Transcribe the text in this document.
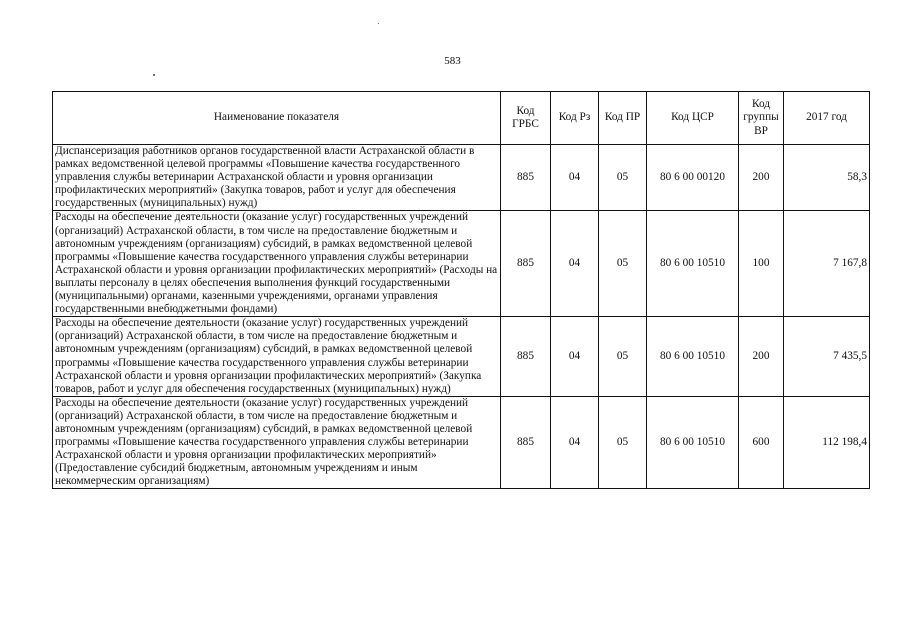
583
Наименование показателя	Код ГРБС	Код Рз	Код ПР	Код ЦСР	Код группы ВР	2017 год
Диспансеризация работников органов государственной власти Астраханской области в рамках ведомственной целевой программы «Повышение качества государственного управления службы ветеринарии Астраханской области и уровня организации профилактических мероприятий» (Закупка товаров, работ и услуг для обеспечения государственных (муниципальных) нужд)	885	04	05	80 6 00 00120	200	58,3
Расходы на обеспечение деятельности (оказание услуг) государственных учреждений (организаций) Астраханской области, в том числе на предоставление бюджетным и автономным учреждениям (организациям) субсидий, в рамках ведомственной целевой программы «Повышение качества государственного управления службы ветеринарии Астраханской области и уровня организации профилактических мероприятий» (Расходы на выплаты персоналу в целях обеспечения выполнения функций государственными (муниципальными) органами, казенными учреждениями, органами управления государственными внебюджетными фондами)	885	04	05	80 6 00 10510	100	7 167,8
Расходы на обеспечение деятельности (оказание услуг) государственных учреждений (организаций) Астраханской области, в том числе на предоставление бюджетным и автономным учреждениям (организациям) субсидий, в рамках ведомственной целевой программы «Повышение качества государственного управления службы ветеринарии Астраханской области и уровня организации профилактических мероприятий» (Закупка товаров, работ и услуг для обеспечения государственных (муниципальных) нужд)	885	04	05	80 6 00 10510	200	7 435,5
Расходы на обеспечение деятельности (оказание услуг) государственных учреждений (организаций) Астраханской области, в том числе на предоставление бюджетным и автономным учреждениям (организациям) субсидий, в рамках ведомственной целевой программы «Повышение качества государственного управления службы ветеринарии Астраханской области и уровня организации профилактических мероприятий» (Предоставление субсидий бюджетным, автономным учреждениям и иным некоммерческим организациям)	885	04	05	80 6 00 10510	600	112 198,4
